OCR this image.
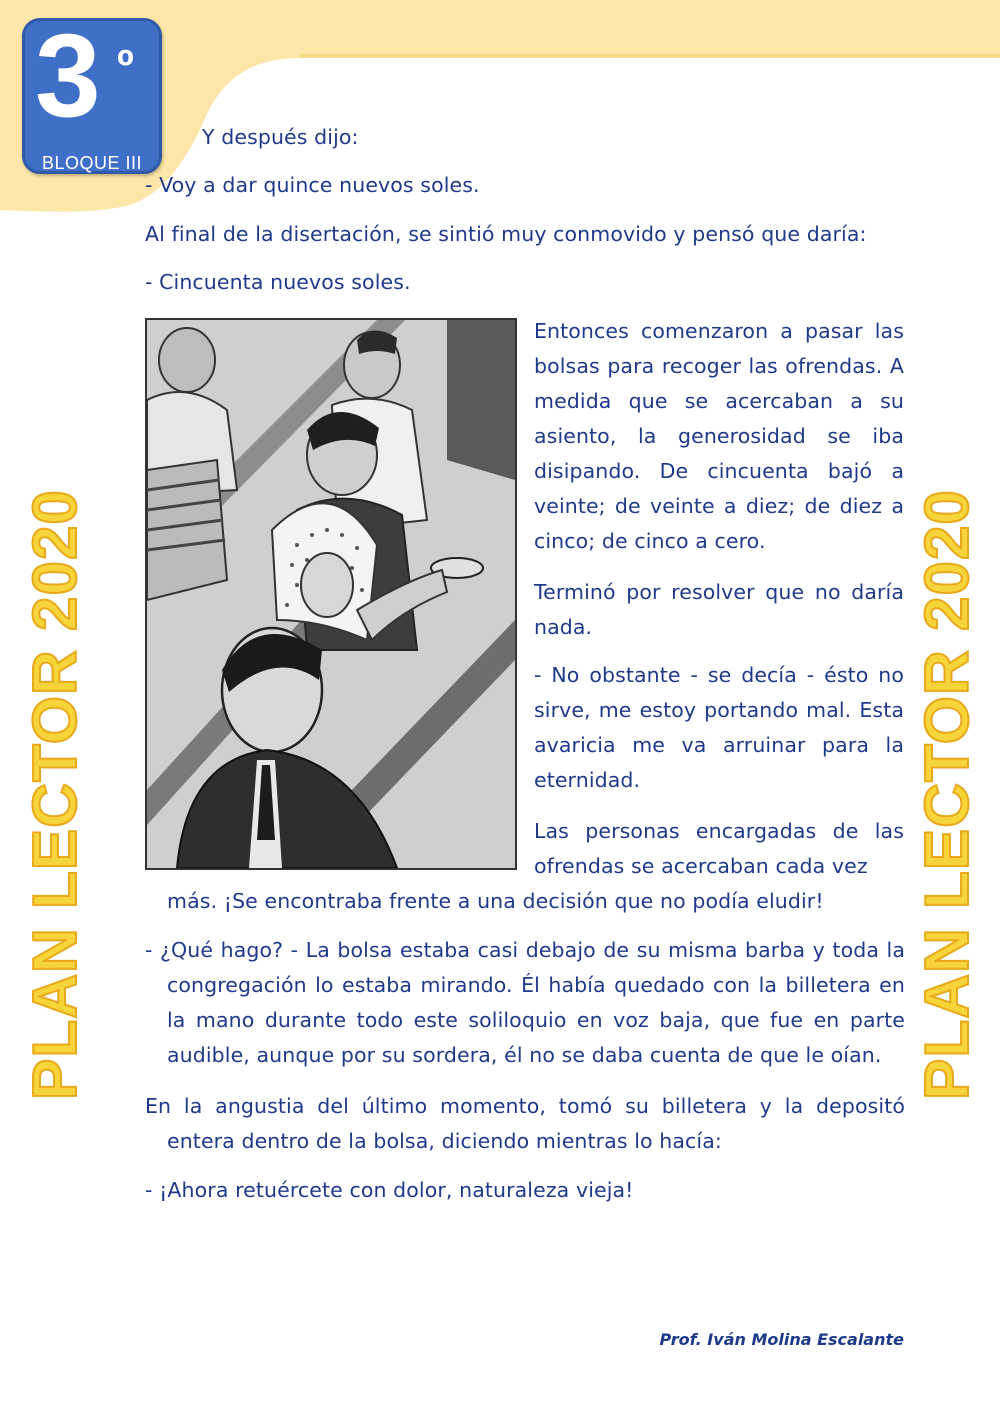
3 º
BLOQUE III
PLAN LECTOR 2020	PLAN LECTOR 2020
Y después dijo:
- Voy a dar quince nuevos soles.
Al final de la disertación, se sintió muy conmovido y pensó que daría:
- Cincuenta nuevos soles.
Entonces comenzaron a pasar las bolsas para recoger las ofrendas. A medida que se acercaban a su asiento, la generosidad se iba disipando. De cincuenta bajó a veinte; de veinte a diez; de diez a cinco; de cinco a cero.
Terminó por resolver que no daría nada.
- No obstante - se decía - ésto no sirve, me estoy portando mal. Esta avaricia me va arruinar para la eternidad.
Las personas encargadas de las ofrendas se acercaban cada vez
más. ¡Se encontraba frente a una decisión que no podía eludir!
- ¿Qué hago? - La bolsa estaba casi debajo de su misma barba y toda la congregación lo estaba mirando. Él había quedado con la billetera en la mano durante todo este soliloquio en voz baja, que fue en parte audible, aunque por su sordera, él no se daba cuenta de que le oían.
En la angustia del último momento, tomó su billetera y la depositó entera dentro de la bolsa, diciendo mientras lo hacía:
- ¡Ahora retuércete con dolor, naturaleza vieja!
Prof. Iván Molina Escalante
